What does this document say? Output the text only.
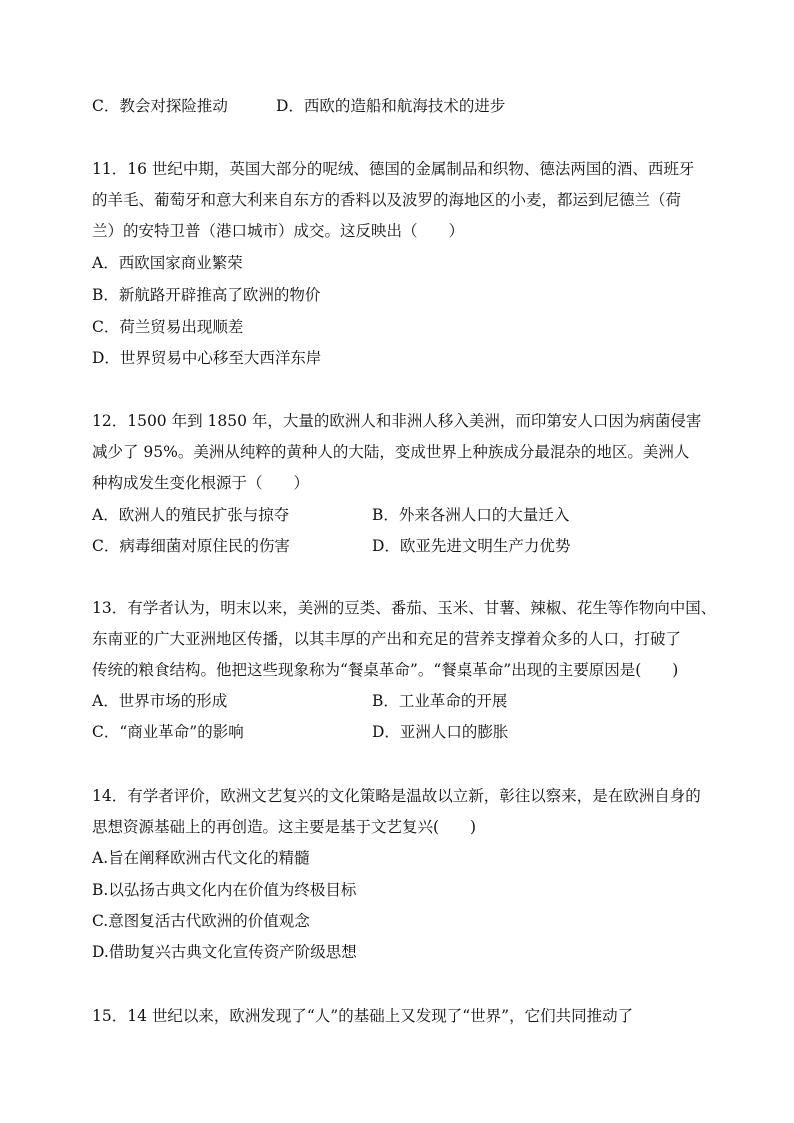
C．教会对探险推动	D．西欧的造船和航海技术的进步
11．16 世纪中期，英国大部分的呢绒、德国的金属制品和织物、德法两国的酒、西班牙
的羊毛、葡萄牙和意大利来自东方的香料以及波罗的海地区的小麦，都运到尼德兰（荷
兰）的安特卫普（港口城市）成交。这反映出（　　）
A．西欧国家商业繁荣
B．新航路开辟推高了欧洲的物价
C．荷兰贸易出现顺差
D．世界贸易中心移至大西洋东岸
12．1500 年到 1850 年，大量的欧洲人和非洲人移入美洲，而印第安人口因为病菌侵害
减少了 95%。美洲从纯粹的黄种人的大陆，变成世界上种族成分最混杂的地区。美洲人
种构成发生变化根源于（　　）
A．欧洲人的殖民扩张与掠夺	B．外来各洲人口的大量迁入
C．病毒细菌对原住民的伤害	D．欧亚先进文明生产力优势
13．有学者认为，明末以来，美洲的豆类、番茄、玉米、甘薯、辣椒、花生等作物向中国、
东南亚的广大亚洲地区传播，以其丰厚的产出和充足的营养支撑着众多的人口，打破了
传统的粮食结构。他把这些现象称为“餐桌革命”。“餐桌革命”出现的主要原因是(　　)
A．世界市场的形成	B．工业革命的开展
C．“商业革命”的影响	D．亚洲人口的膨胀
14．有学者评价，欧洲文艺复兴的文化策略是温故以立新，彰往以察来，是在欧洲自身的
思想资源基础上的再创造。这主要是基于文艺复兴(　　)
A.旨在阐释欧洲古代文化的精髓
B.以弘扬古典文化内在价值为终极目标
C.意图复活古代欧洲的价值观念
D.借助复兴古典文化宣传资产阶级思想
15．14 世纪以来，欧洲发现了“人”的基础上又发现了“世界”，它们共同推动了
